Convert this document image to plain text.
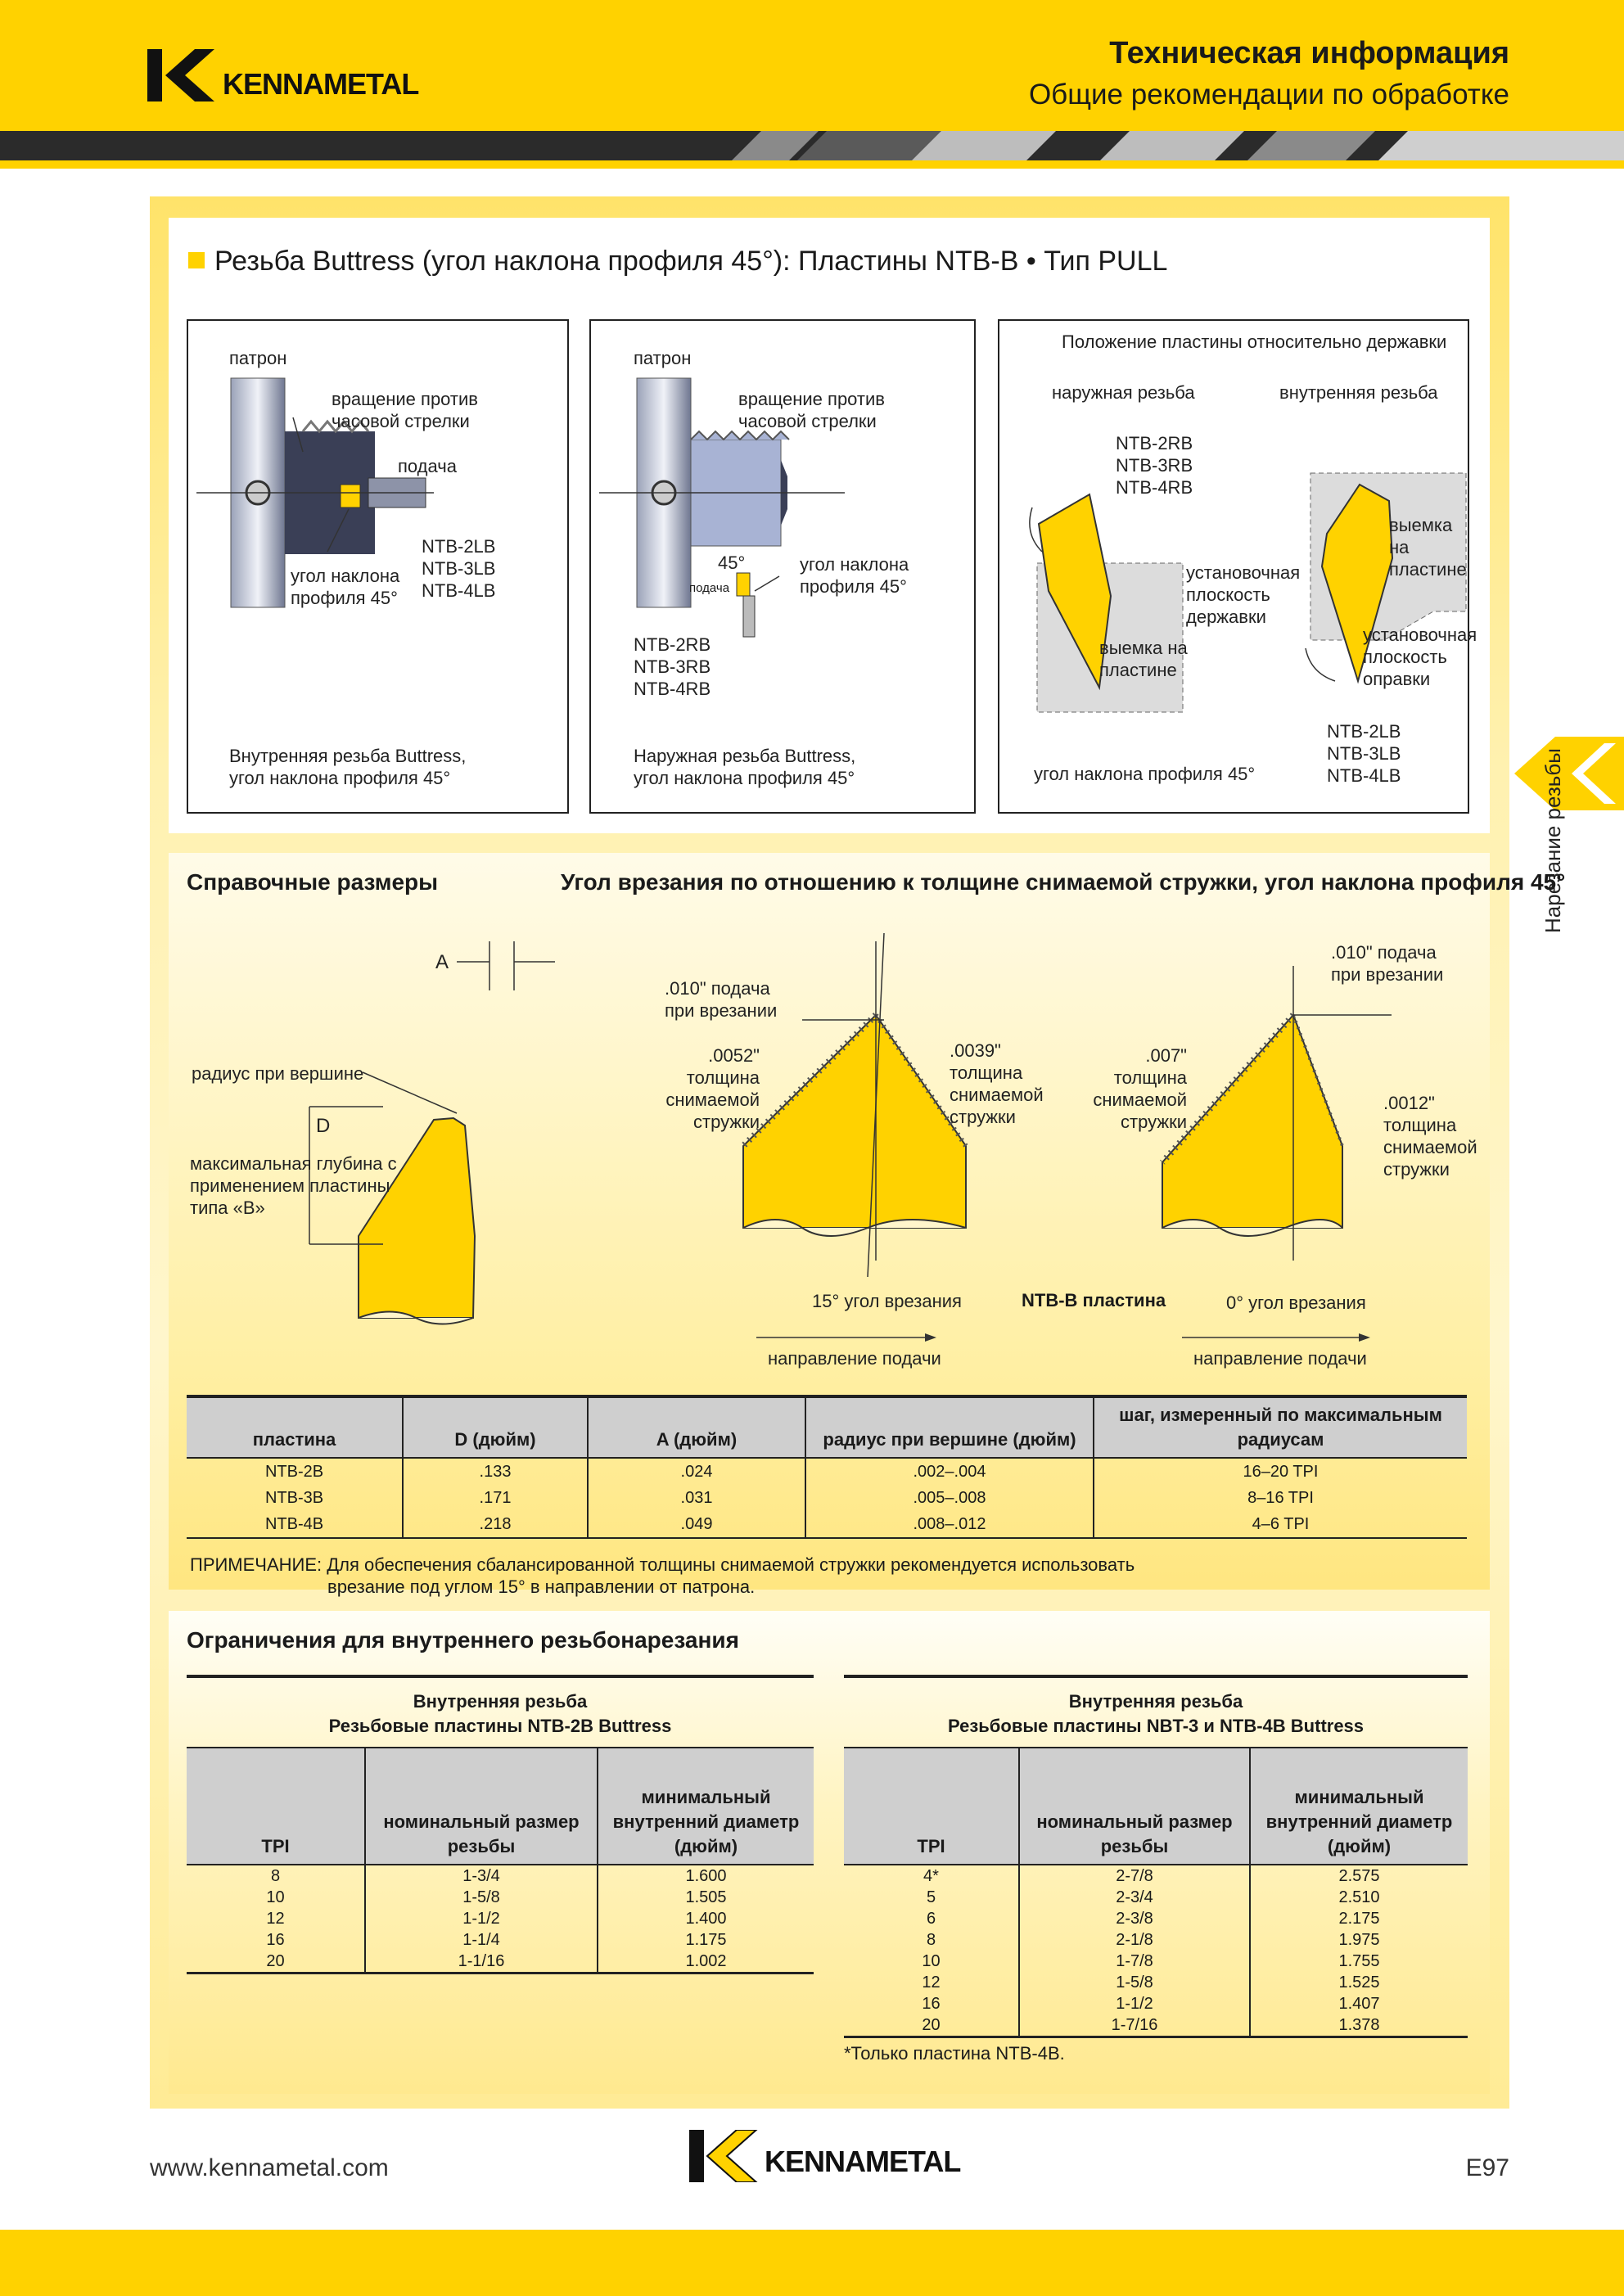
KENNAMETAL
Техническая информация
Общие рекомендации по обработке
Нарезание резьбы
Резьба Buttress (угол наклона профиля 45°): Пластины NTB-B • Тип PULL
патрон
вращение против часовой стрелки
подача
NTB-2LB
NTB-3LB
NTB-4LB
угол наклона профиля 45°
Внутренняя резьба Buttress,
угол наклона профиля 45°
патрон
вращение против часовой стрелки
45°
подача
угол наклона профиля 45°
NTB-2RB
NTB-3RB
NTB-4RB
Наружная резьба Buttress,
угол наклона профиля 45°
Положение пластины относительно державки
наружная резьба	внутренняя резьба
NTB-2RB
NTB-3RB
NTB-4RB
установочная плоскость державки
выемка на пластине
выемка на пластине
установочная плоскость оправки
NTB-2LB
NTB-3LB
NTB-4LB
угол наклона профиля 45°
Справочные размеры	Угол врезания по отношению к толщине снимаемой стружки, угол наклона профиля 45°
A
радиус при вершине
D
максимальная глубина с применением пластины типа «B»
.010" подача при врезании
.0052" толщина снимаемой стружки
.0039" толщина снимаемой стружки
15° угол врезания
направление подачи
NTB-B пластина
.010" подача при врезании
.007" толщина снимаемой стружки
.0012" толщина снимаемой стружки
0° угол врезания
направление подачи
пластина	D (дюйм)	A (дюйм)	радиус при вершине (дюйм)	шаг, измеренный по максимальным радиусам
NTB-2B	.133	.024	.002–.004	16–20 TPI
NTB-3B	.171	.031	.005–.008	8–16 TPI
NTB-4B	.218	.049	.008–.012	4–6 TPI
ПРИМЕЧАНИЕ: Для обеспечения сбалансированной толщины снимаемой стружки рекомендуется использовать
врезание под углом 15° в направлении от патрона.
Ограничения для внутреннего резьбонарезания
Внутренняя резьба
Резьбовые пластины NTB-2B Buttress
TPI	номинальный размер резьбы	минимальный внутренний диаметр (дюйм)
8	1-3/4	1.600
10	1-5/8	1.505
12	1-1/2	1.400
16	1-1/4	1.175
20	1-1/16	1.002
Внутренняя резьба
Резьбовые пластины NBT-3 и NTB-4B Buttress
TPI	номинальный размер резьбы	минимальный внутренний диаметр (дюйм)
4*	2-7/8	2.575
5	2-3/4	2.510
6	2-3/8	2.175
8	2-1/8	1.975
10	1-7/8	1.755
12	1-5/8	1.525
16	1-1/2	1.407
20	1-7/16	1.378
*Только пластина NTB-4B.
www.kennametal.com	KENNAMETAL	E97
